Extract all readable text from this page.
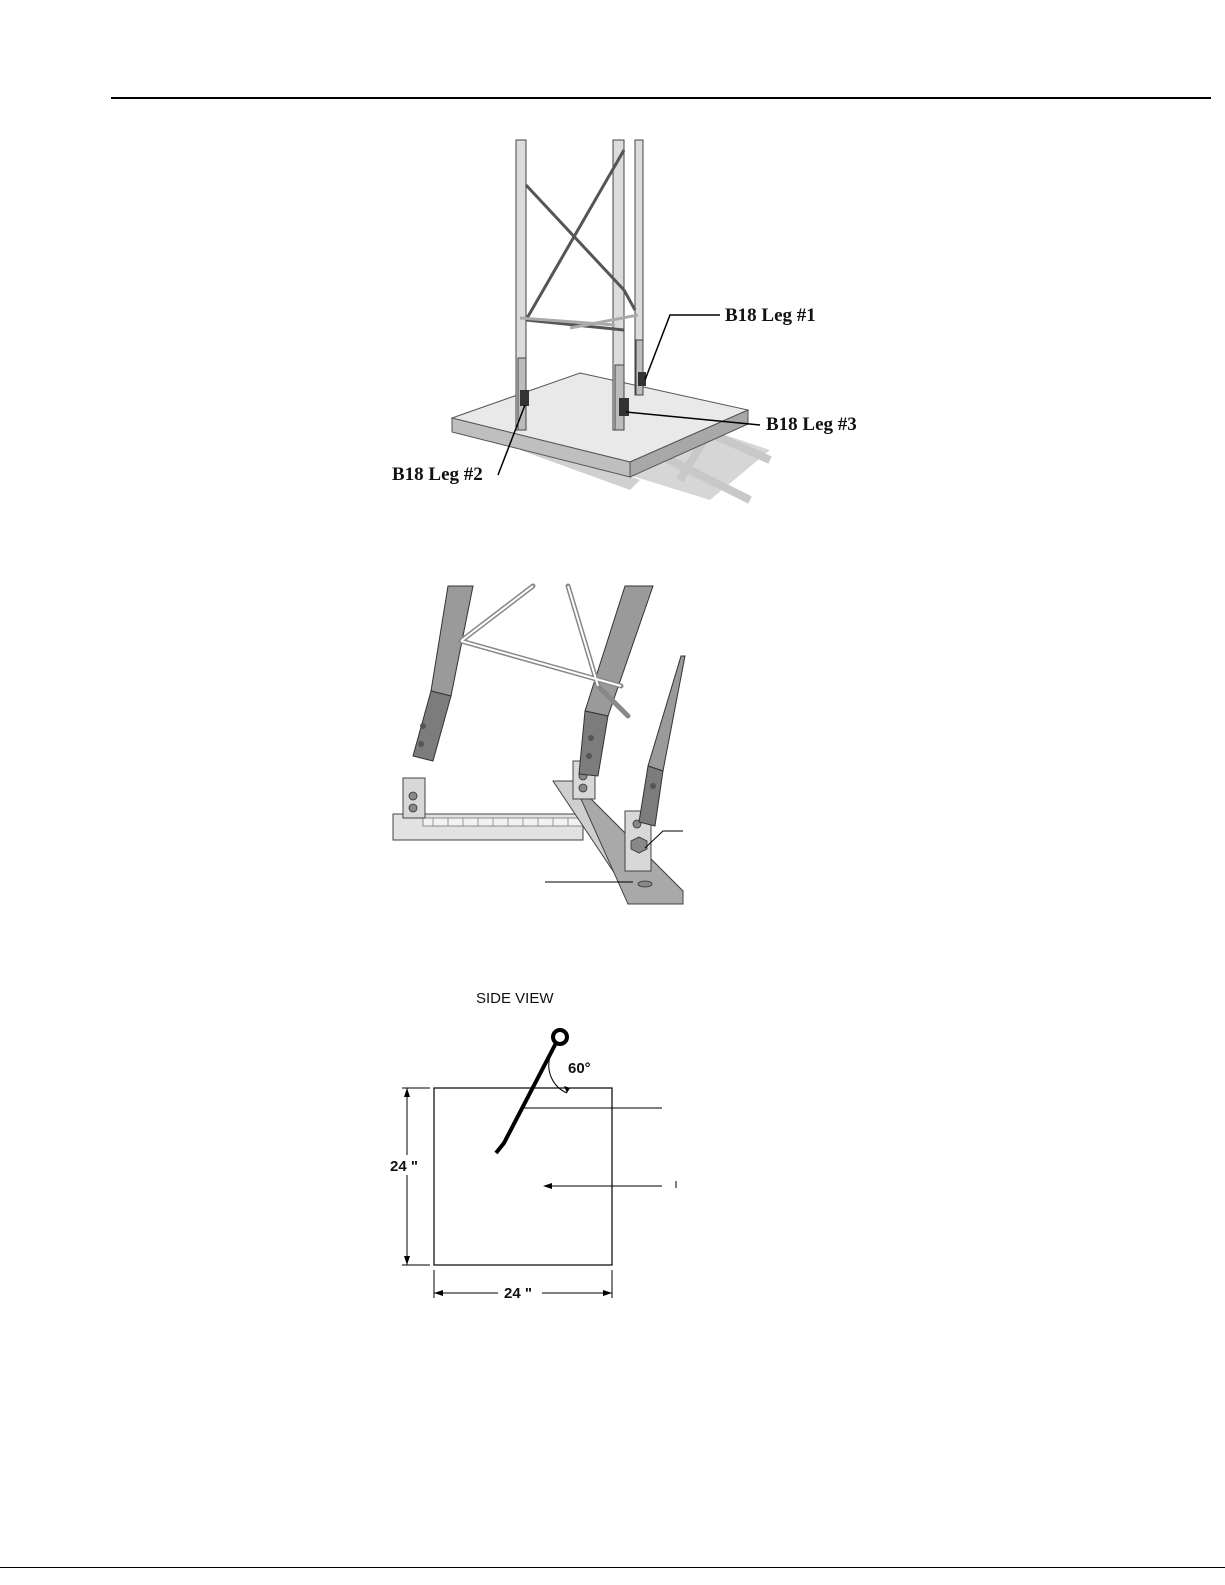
B18 Leg #1
B18 Leg #3
B18 Leg #2
SIDE VIEW
60°
24 "
24 "
